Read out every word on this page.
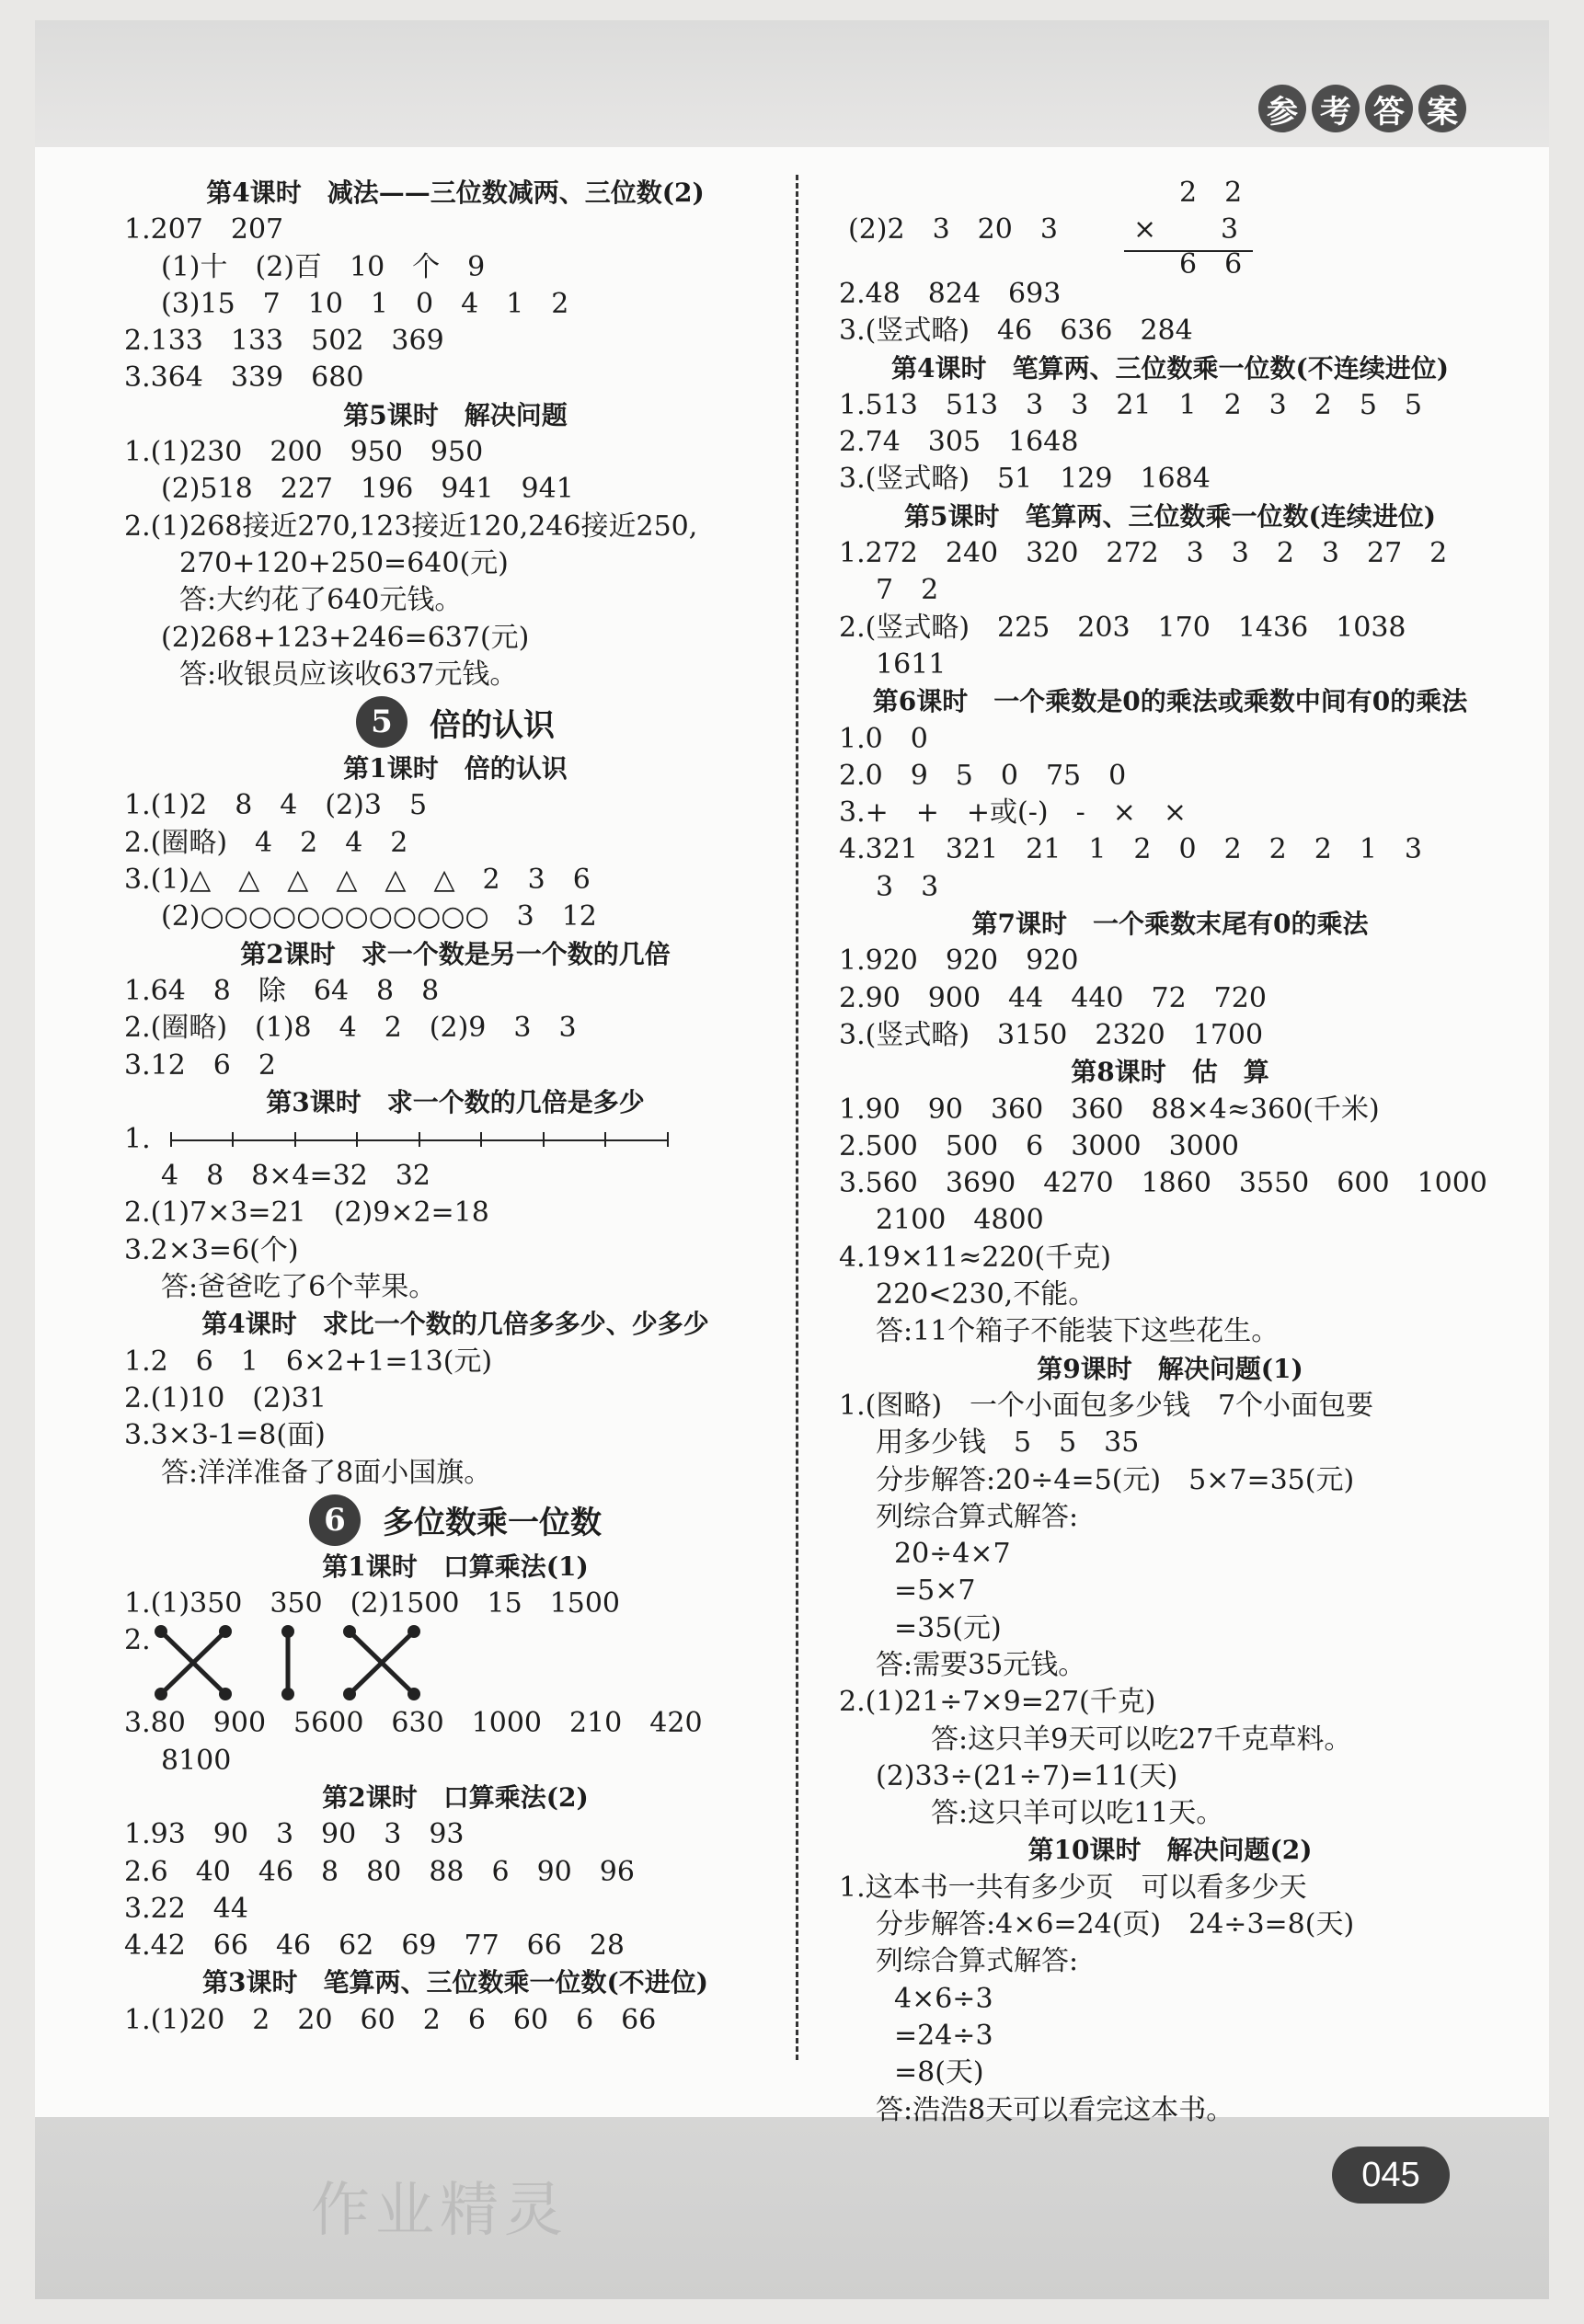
参 考 答 案
045
作业精灵
第4课时　减法——三位数减两、三位数(2)
1.207　207
(1)十　(2)百　10　个　9
(3)15　7　10　1　0　4　1　2
2.133　133　502　369
3.364　339　680
第5课时　解决问题
1.(1)230　200　950　950
(2)518　227　196　941　941
2.(1)268接近270,123接近120,246接近250,
270+120+250=640(元)
答:大约花了640元钱。
(2)268+123+246=637(元)
答:收银员应该收637元钱。
5	倍的认识
第1课时　倍的认识
1.(1)2　8　4　(2)3　5
2.(圈略)　4　2　4　2
3.(1)△　△　△　△　△　△　2　3　6
(2)○○○○○○○○○○○○　3　12
第2课时　求一个数是另一个数的几倍
1.64　8　除　64　8　8
2.(圈略)　(1)8　4　2　(2)9　3　3
3.12　6　2
第3课时　求一个数的几倍是多少
1.
4　8　8×4=32　32
2.(1)7×3=21　(2)9×2=18
3.2×3=6(个)
答:爸爸吃了6个苹果。
第4课时　求比一个数的几倍多多少、少多少
1.2　6　1　6×2+1=13(元)
2.(1)10　(2)31
3.3×3-1=8(面)
答:洋洋准备了8面小国旗。
6	多位数乘一位数
第1课时　口算乘法(1)
1.(1)350　350　(2)1500　15　1500
2.
3.80　900　5600　630　1000　210　420
8100
第2课时　口算乘法(2)
1.93　90　3　90　3　93
2.6　40　46　8　80　88　6　90　96
3.22　44
4.42　66　46　62　69　77　66　28
第3课时　笔算两、三位数乘一位数(不进位)
1.(1)20　2　20　60　2　6　60　6　66
(2)2　3　20　3
2　2
× 3
6　6
2.48　824　693
3.(竖式略)　46　636　284
第4课时　笔算两、三位数乘一位数(不连续进位)
1.513　513　3　3　21　1　2　3　2　5　5
2.74　305　1648
3.(竖式略)　51　129　1684
第5课时　笔算两、三位数乘一位数(连续进位)
1.272　240　320　272　3　3　2　3　27　2
7　2
2.(竖式略)　225　203　170　1436　1038
1611
第6课时　一个乘数是0的乘法或乘数中间有0的乘法
1.0　0
2.0　9　5　0　75　0
3.+　+　+或(-)　-　×　×
4.321　321　21　1　2　0　2　2　2　1　3
3　3
第7课时　一个乘数末尾有0的乘法
1.920　920　920
2.90　900　44　440　72　720
3.(竖式略)　3150　2320　1700
第8课时　估　算
1.90　90　360　360　88×4≈360(千米)
2.500　500　6　3000　3000
3.560　3690　4270　1860　3550　600　1000
2100　4800
4.19×11≈220(千克)
220<230,不能。
答:11个箱子不能装下这些花生。
第9课时　解决问题(1)
1.(图略)　一个小面包多少钱　7个小面包要
用多少钱　5　5　35
分步解答:20÷4=5(元)　5×7=35(元)
列综合算式解答:
20÷4×7
=5×7
=35(元)
答:需要35元钱。
2.(1)21÷7×9=27(千克)
　　答:这只羊9天可以吃27千克草料。
(2)33÷(21÷7)=11(天)
　　答:这只羊可以吃11天。
第10课时　解决问题(2)
1.这本书一共有多少页　可以看多少天
分步解答:4×6=24(页)　24÷3=8(天)
列综合算式解答:
4×6÷3
=24÷3
=8(天)
答:浩浩8天可以看完这本书。
